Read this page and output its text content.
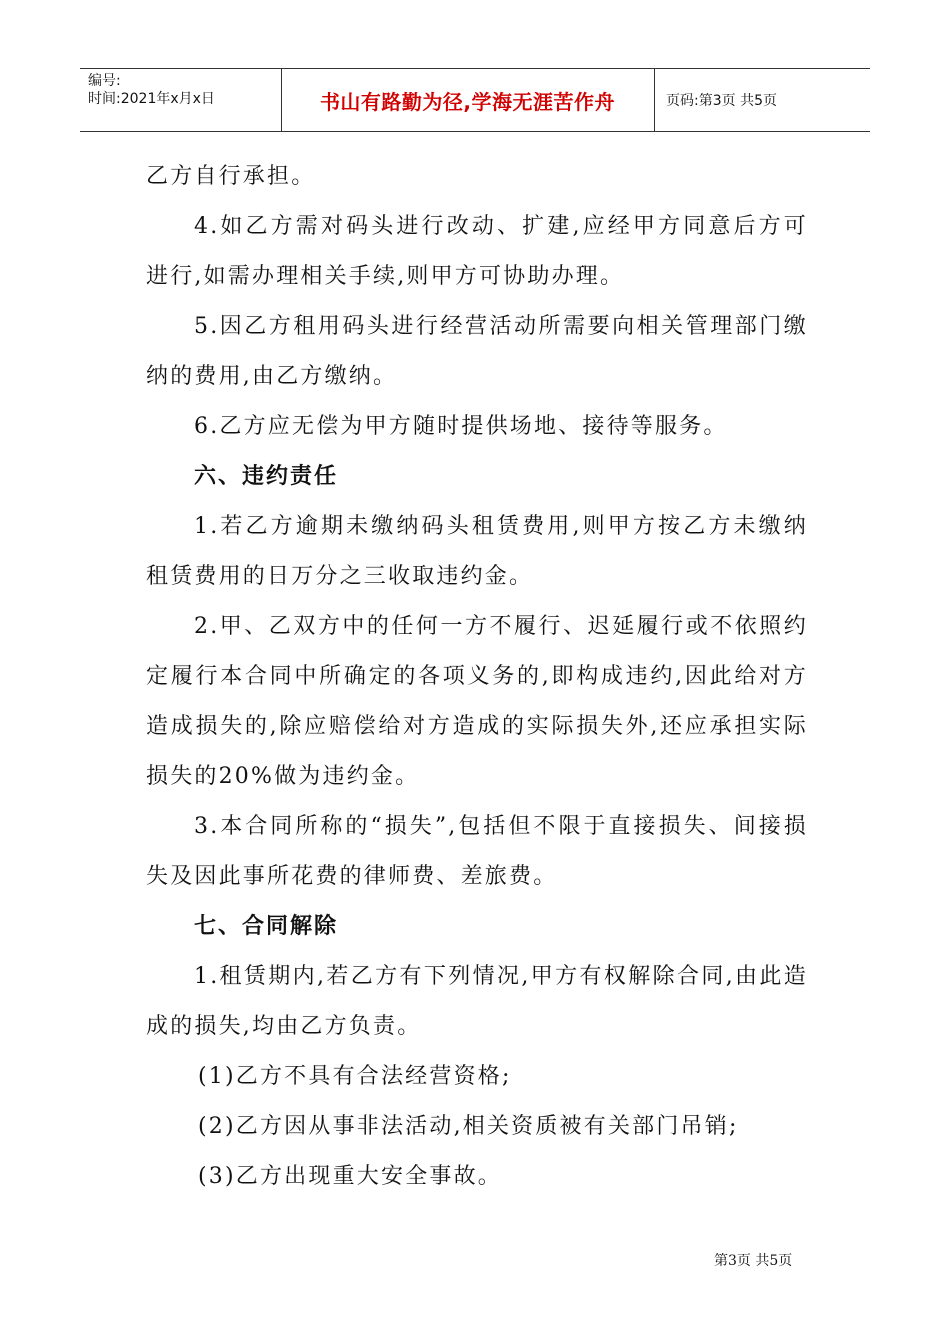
编号:
时间:2021年x月x日	书山有路勤为径,学海无涯苦作舟	页码:第3页 共5页

乙方自行承担。

4.如乙方需对码头进行改动、扩建,应经甲方同意后方可进行,如需办理相关手续,则甲方可协助办理。

5.因乙方租用码头进行经营活动所需要向相关管理部门缴纳的费用,由乙方缴纳。

6.乙方应无偿为甲方随时提供场地、接待等服务。

六、违约责任

1.若乙方逾期未缴纳码头租赁费用,则甲方按乙方未缴纳租赁费用的日万分之三收取违约金。

2.甲、乙双方中的任何一方不履行、迟延履行或不依照约定履行本合同中所确定的各项义务的,即构成违约,因此给对方造成损失的,除应赔偿给对方造成的实际损失外,还应承担实际损失的20%做为违约金。

3.本合同所称的“损失”,包括但不限于直接损失、间接损失及因此事所花费的律师费、差旅费。

七、合同解除

1.租赁期内,若乙方有下列情况,甲方有权解除合同,由此造成的损失,均由乙方负责。

(1)乙方不具有合法经营资格;

(2)乙方因从事非法活动,相关资质被有关部门吊销;

(3)乙方出现重大安全事故。

第3页 共5页
